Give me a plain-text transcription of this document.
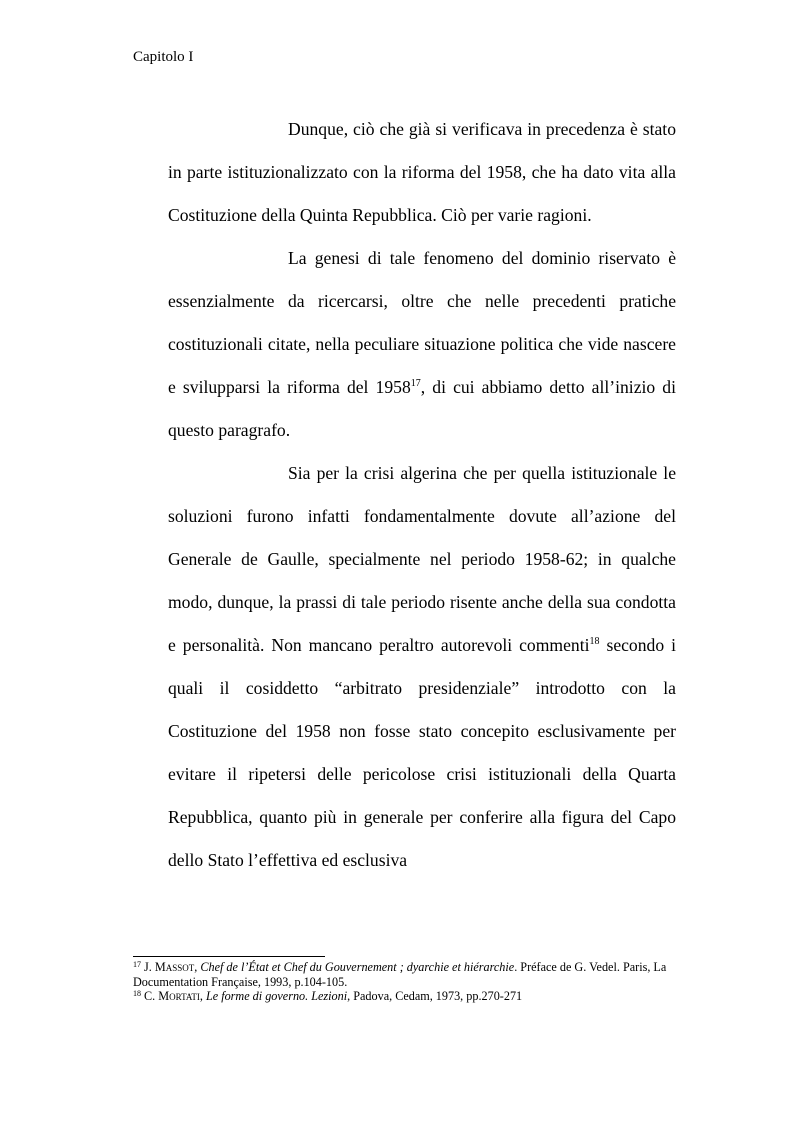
Capitolo I

Dunque, ciò che già si verificava in precedenza è stato in parte istituzionalizzato con la riforma del 1958, che ha dato vita alla Costituzione della Quinta Repubblica. Ciò per varie ragioni.

La genesi di tale fenomeno del dominio riservato è essenzialmente da ricercarsi, oltre che nelle precedenti pratiche costituzionali citate, nella peculiare situazione politica che vide nascere e svilupparsi la riforma del 1958$^{17}$, di cui abbiamo detto all’inizio di questo paragrafo.

Sia per la crisi algerina che per quella istituzionale le soluzioni furono infatti fondamentalmente dovute all’azione del Generale de Gaulle, specialmente nel periodo 1958-62; in qualche modo, dunque, la prassi di tale periodo risente anche della sua condotta e personalità. Non mancano peraltro autorevoli commenti$^{18}$ secondo i quali il cosiddetto “arbitrato presidenziale” introdotto con la Costituzione del 1958 non fosse stato concepito esclusivamente per evitare il ripetersi delle pericolose crisi istituzionali della Quarta Repubblica, quanto più in generale per conferire alla figura del Capo dello Stato l’effettiva ed esclusiva

$^{17}$ J. Massot, Chef de l’État et Chef du Gouvernement ; dyarchie et hiérarchie. Préface de G. Vedel. Paris, La Documentation Française, 1993, p.104-105.

$^{18}$ C. Mortati, Le forme di governo. Lezioni, Padova, Cedam, 1973, pp.270-271
